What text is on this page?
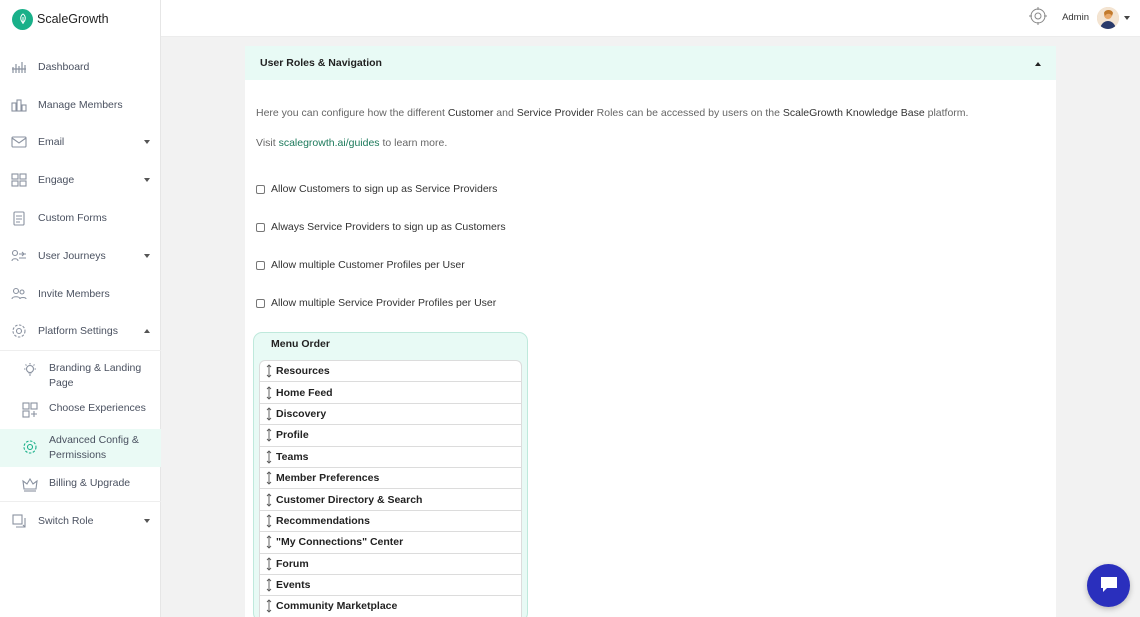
ScaleGrowth
Dashboard
Manage Members
Email
Engage
Custom Forms
User Journeys
Invite Members
Platform Settings
Branding & Landing
Page
Choose Experiences
Advanced Config &
Permissions
Billing & Upgrade
Switch Role
Admin
User Roles & Navigation
Here you can configure how the different Customer and Service Provider Roles can be accessed by users on the ScaleGrowth Knowledge Base platform.
Visit scalegrowth.ai/guides to learn more.
Allow Customers to sign up as Service Providers
Always Service Providers to sign up as Customers
Allow multiple Customer Profiles per User
Allow multiple Service Provider Profiles per User
Menu Order
Resources
Home Feed
Discovery
Profile
Teams
Member Preferences
Customer Directory & Search
Recommendations
"My Connections" Center
Forum
Events
Community Marketplace
